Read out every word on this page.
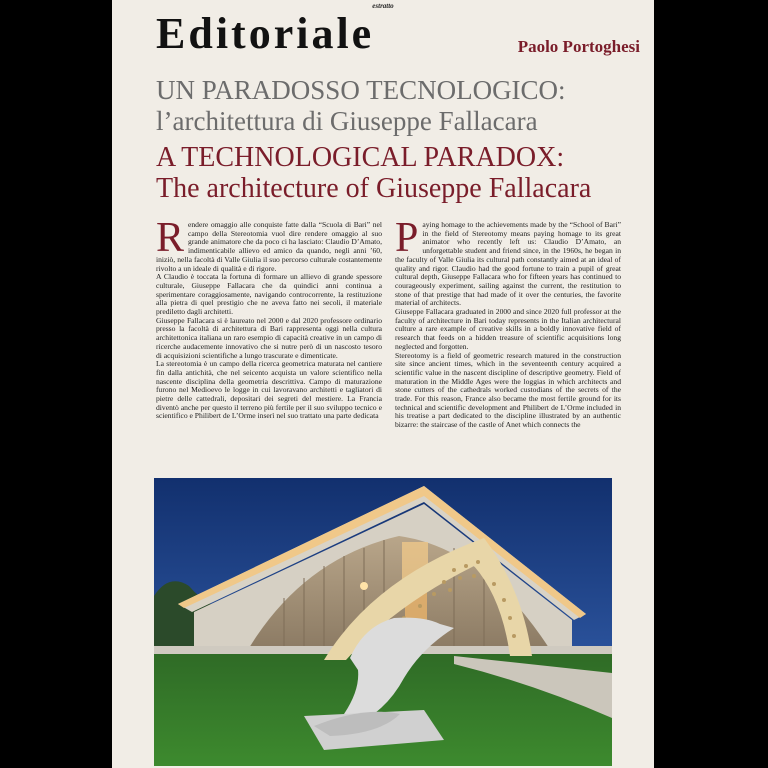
estratto
Editoriale	Paolo Portoghesi
UN PARADOSSO TECNOLOGICO:
l’architettura di Giuseppe Fallacara
A TECHNOLOGICAL PARADOX:
The architecture of Giuseppe Fallacara

Rendere omaggio alle conquiste fatte dalla “Scuola di Bari” nel campo della Stereotomia vuol dire rendere omaggio al suo grande animatore che da poco ci ha lasciato: Claudio D’Amato, indimenticabile allievo ed amico da quando, negli anni ’60, iniziò, nella facoltà di Valle Giulia il suo percorso culturale costantemente rivolto a un ideale di qualità e di rigore.

A Claudio è toccata la fortuna di formare un allievo di grande spessore culturale, Giuseppe Fallacara che da quindici anni continua a sperimentare coraggiosamente, navigando controcorrente, la restituzione alla pietra di quel prestigio che ne aveva fatto nei secoli, il materiale prediletto dagli architetti.

Giuseppe Fallacara si è laureato nel 2000 e dal 2020 professore ordinario presso la facoltà di architettura di Bari rappresenta oggi nella cultura architettonica italiana un raro esempio di capacità creative in un campo di ricerche audacemente innovativo che si nutre però di un nascosto tesoro di acquisizioni scientifiche a lungo trascurate e dimenticate.

La stereotomia è un campo della ricerca geometrica maturata nel cantiere fin dalla antichità, che nel seicento acquista un valore scientifico nella nascente disciplina della geometria descrittiva. Campo di maturazione furono nel Medioevo le logge in cui lavoravano architetti e tagliatori di pietre delle cattedrali, depositari dei segreti del mestiere. La Francia diventò anche per questo il terreno più fertile per il suo sviluppo tecnico e scientifico e Philibert de L’Orme inserì nel suo trattato una parte dedicata

Paying homage to the achievements made by the “School of Bari” in the field of Stereotomy means paying homage to its great animator who recently left us: Claudio D’Amato, an unforgettable student and friend since, in the 1960s, he began in the faculty of Valle Giulia its cultural path constantly aimed at an ideal of quality and rigor. Claudio had the good fortune to train a pupil of great cultural depth, Giuseppe Fallacara who for fifteen years has continued to courageously experiment, sailing against the current, the restitution to stone of that prestige that had made of it over the centuries, the favorite material of architects.

Giuseppe Fallacara graduated in 2000 and since 2020 full professor at the faculty of architecture in Bari today represents in the Italian architectural culture a rare example of creative skills in a boldly innovative field of research that feeds on a hidden treasure of scientific acquisitions long neglected and forgotten.

Stereotomy is a field of geometric research matured in the construction site since ancient times, which in the seventeenth century acquired a scientific value in the nascent discipline of descriptive geometry. Field of maturation in the Middle Ages were the loggias in which architects and stone cutters of the cathedrals worked custodians of the secrets of the trade. For this reason, France also became the most fertile ground for its technical and scientific development and Philibert de L’Orme included in his treatise a part dedicated to the discipline illustrated by an authentic bizarre: the staircase of the castle of Anet which connects the
